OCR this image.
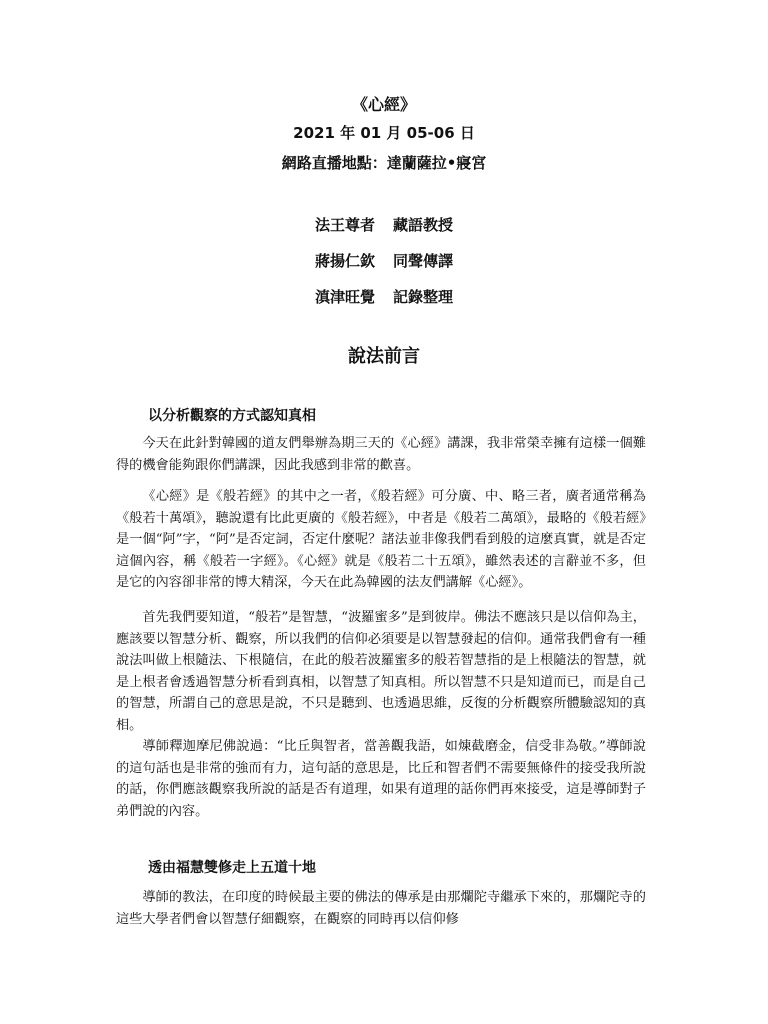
《心經》
2021 年 01 月 05-06 日
網路直播地點：達蘭薩拉•寢宮
法王尊者	藏語教授
蔣揚仁欽	同聲傳譯
滇津旺覺	記錄整理
說法前言
以分析觀察的方式認知真相

今天在此針對韓國的道友們舉辦為期三天的《心經》講課，我非常榮幸擁有這樣一個難得的機會能夠跟你們講課，因此我感到非常的歡喜。

《心經》是《般若經》的其中之一者，《般若經》可分廣、中、略三者，廣者通常稱為《般若十萬頌》，聽說還有比此更廣的《般若經》，中者是《般若二萬頌》，最略的《般若經》是一個“阿”字，“阿”是否定詞，否定什麼呢？諸法並非像我們看到般的這麼真實，就是否定這個內容，稱《般若一字經》。《心經》就是《般若二十五頌》，雖然表述的言辭並不多，但是它的內容卻非常的博大精深，今天在此為韓國的法友們講解《心經》。

首先我們要知道，“般若”是智慧，“波羅蜜多”是到彼岸。佛法不應該只是以信仰為主，應該要以智慧分析、觀察，所以我們的信仰必須要是以智慧發起的信仰。通常我們會有一種說法叫做上根隨法、下根隨信，在此的般若波羅蜜多的般若智慧指的是上根隨法的智慧，就是上根者會透過智慧分析看到真相，以智慧了知真相。所以智慧不只是知道而已，而是自己的智慧，所謂自己的意思是說，不只是聽到、也透過思維，反復的分析觀察所體驗認知的真相。

導師釋迦摩尼佛說過：“比丘與智者，當善觀我語，如煉截磨金，信受非為敬。”導師說的這句話也是非常的強而有力，這句話的意思是，比丘和智者們不需要無條件的接受我所說的話，你們應該觀察我所說的話是否有道理，如果有道理的話你們再來接受，這是導師對子弟們說的內容。

透由福慧雙修走上五道十地

導師的教法，在印度的時候最主要的佛法的傳承是由那爛陀寺繼承下來的，那爛陀寺的這些大學者們會以智慧仔細觀察，在觀察的同時再以信仰修
